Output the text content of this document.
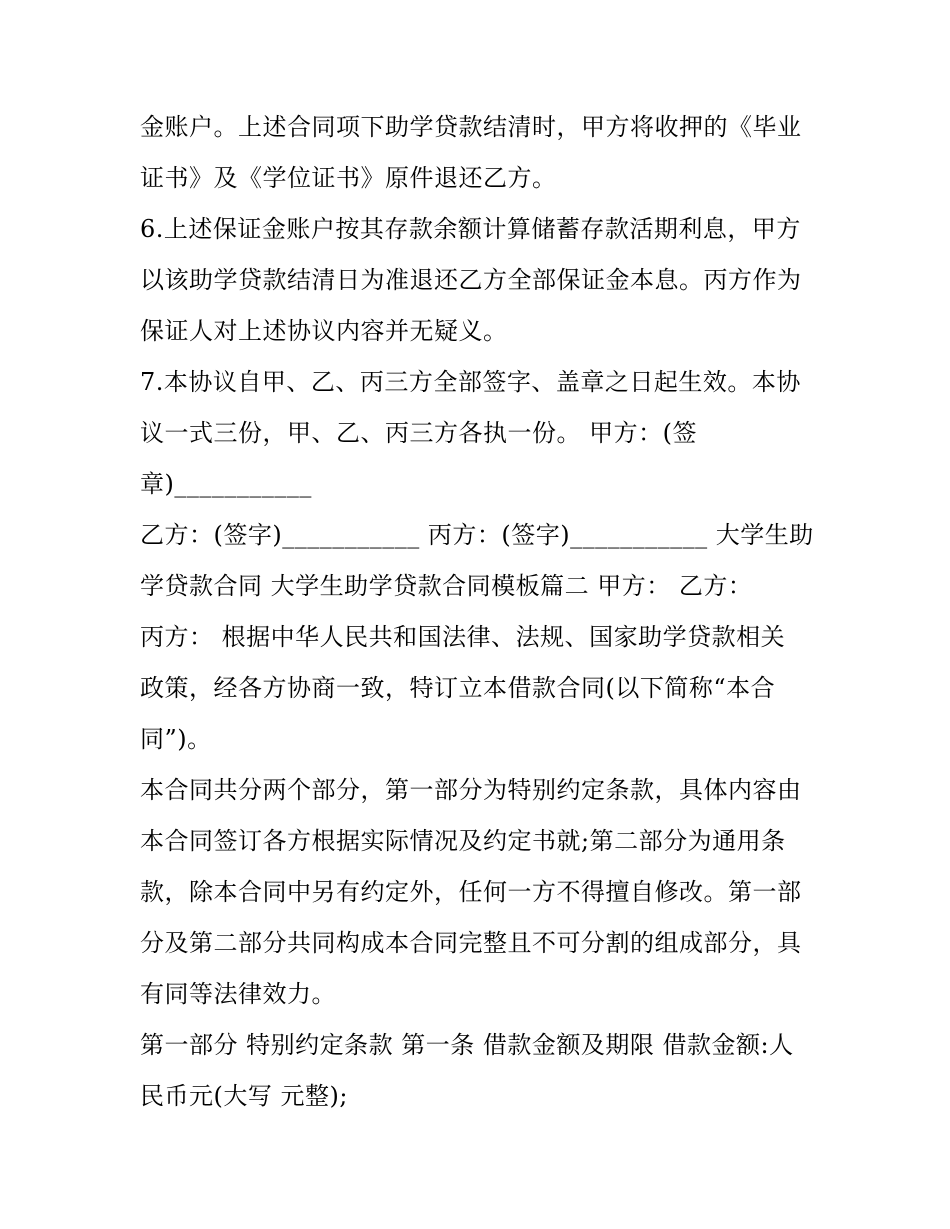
金账户。上述合同项下助学贷款结清时，甲方将收押的《毕业
证书》及《学位证书》原件退还乙方。
6.上述保证金账户按其存款余额计算储蓄存款活期利息，甲方
以该助学贷款结清日为准退还乙方全部保证金本息。丙方作为
保证人对上述协议内容并无疑义。
7.本协议自甲、乙、丙三方全部签字、盖章之日起生效。本协
议一式三份，甲、乙、丙三方各执一份。 甲方：(签
章)___________
乙方：(签字)___________ 丙方：(签字)___________ 大学生助
学贷款合同 大学生助学贷款合同模板篇二 甲方： 乙方：
丙方： 根据中华人民共和国法律、法规、国家助学贷款相关
政策，经各方协商一致，特订立本借款合同(以下简称“本合
同”)。
本合同共分两个部分，第一部分为特别约定条款，具体内容由
本合同签订各方根据实际情况及约定书就;第二部分为通用条
款，除本合同中另有约定外，任何一方不得擅自修改。第一部
分及第二部分共同构成本合同完整且不可分割的组成部分，具
有同等法律效力。
第一部分 特别约定条款 第一条 借款金额及期限 借款金额:人
民币元(大写 元整);
